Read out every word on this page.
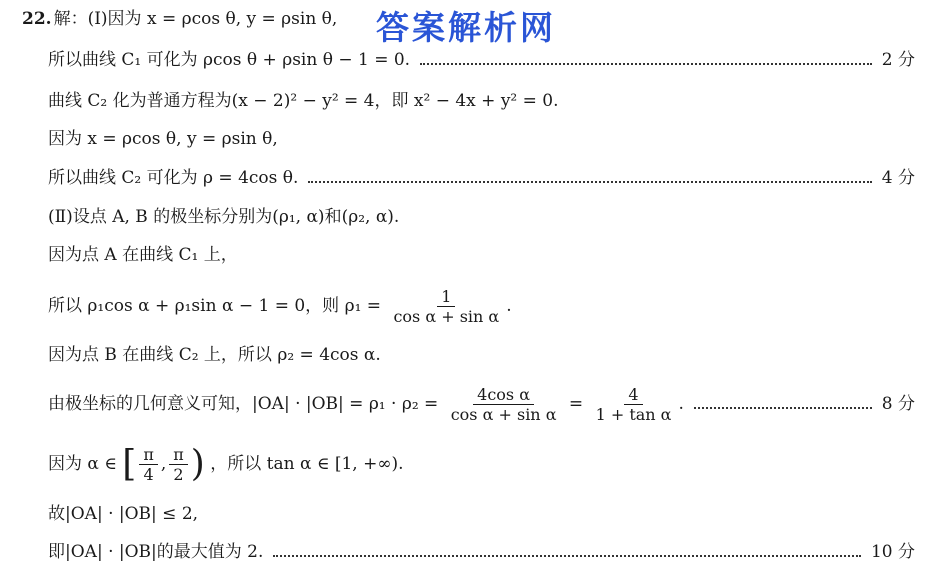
答案解析网
22. 解：(Ⅰ)因为 x = ρcos θ, y = ρsin θ,
所以曲线 C₁ 可化为 ρcos θ + ρsin θ − 1 = 0.	2 分
曲线 C₂ 化为普通方程为(x − 2)² − y² = 4，即 x² − 4x + y² = 0.
因为 x = ρcos θ, y = ρsin θ,
所以曲线 C₂ 可化为 ρ = 4cos θ.	4 分
(Ⅱ)设点 A, B 的极坐标分别为(ρ₁, α)和(ρ₂, α).
因为点 A 在曲线 C₁ 上，
所以 ρ₁cos α + ρ₁sin α − 1 = 0，则 $\rho_1 = \frac{1}{\text{cos α + sin α}}$ .
因为点 B 在曲线 C₂ 上，所以 ρ₂ = 4cos α.
由极坐标的几何意义可知，$|OA| \cdot |OB| = \rho_1 \cdot \rho_2 = \frac{\text{4cos α}}{\text{cos α + sin α}} = \frac{4}{\text{1 + tan α}}$ .	8 分
因为 α ∈ [ $\frac{\pi}{4}$ , $\frac{\pi}{2}$ ) ，所以 tan α ∈ [1, +∞).
故|OA| · |OB| ≤ 2,
即|OA| · |OB|的最大值为 2.	10 分
